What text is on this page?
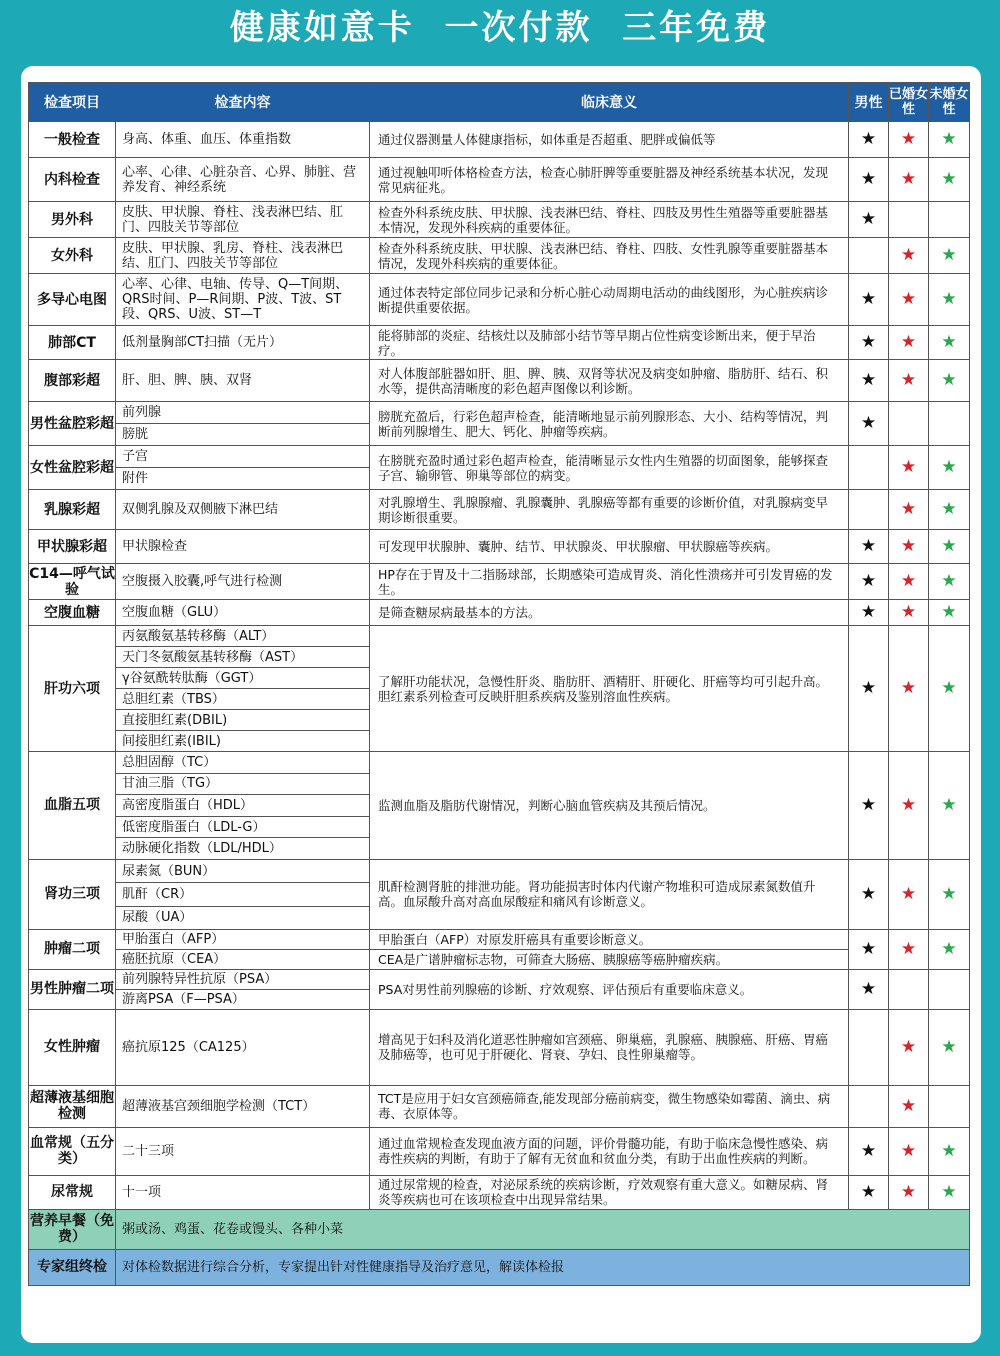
健康如意卡  一次付款  三年免费
检查项目	检查内容	临床意义	男性	已婚女性	未婚女性
一般检查	身高、体重、血压、体重指数	通过仪器测量人体健康指标，如体重是否超重、肥胖或偏低等	★	★	★
内科检查	心率、心律、心脏杂音、心界、肺脏、营养发育、神经系统	通过视触叩听体格检查方法，检查心肺肝脾等重要脏器及神经系统基本状况，发现常见病征兆。	★	★	★
男外科	皮肤、甲状腺、脊柱、浅表淋巴结、肛门、四肢关节等部位	检查外科系统皮肤、甲状腺、浅表淋巴结、脊柱、四肢及男性生殖器等重要脏器基本情况，发现外科疾病的重要体征。	★		
女外科	皮肤、甲状腺、乳房、脊柱、浅表淋巴结、肛门、四肢关节等部位	检查外科系统皮肤、甲状腺、浅表淋巴结、脊柱、四肢、女性乳腺等重要脏器基本情况，发现外科疾病的重要体征。		★	★
多导心电图	心率、心律、电轴、传导、Q—T间期、QRS时间、P—R间期、P波、T波、ST段、QRS、U波、ST—T	通过体表特定部位同步记录和分析心脏心动周期电活动的曲线图形，为心脏疾病诊断提供重要依据。	★	★	★
肺部CT	低剂量胸部CT扫描（无片）	能将肺部的炎症、结核灶以及肺部小结节等早期占位性病变诊断出来，便于早治疗。	★	★	★
腹部彩超	肝、胆、脾、胰、双肾	对人体腹部脏器如肝、胆、脾、胰、双肾等状况及病变如肿瘤、脂肪肝、结石、积水等，提供高清晰度的彩色超声图像以利诊断。	★	★	★
男性盆腔彩超	前列腺	膀胱充盈后，行彩色超声检查，能清晰地显示前列腺形态、大小、结构等情况，判断前列腺增生、肥大、钙化、肿瘤等疾病。	★		
	膀胱				
女性盆腔彩超	子宫	在膀胱充盈时通过彩色超声检查，能清晰显示女性内生殖器的切面图象，能够探查子宫、输卵管、卵巢等部位的病变。		★	★
	附件				
乳腺彩超	双侧乳腺及双侧腋下淋巴结	对乳腺增生、乳腺腺瘤、乳腺囊肿、乳腺癌等都有重要的诊断价值，对乳腺病变早期诊断很重要。		★	★
甲状腺彩超	甲状腺检查	可发现甲状腺肿、囊肿、结节、甲状腺炎、甲状腺瘤、甲状腺癌等疾病。	★	★	★
C14—呼气试验	空腹摄入胶囊,呼气进行检测	HP存在于胃及十二指肠球部，长期感染可造成胃炎、消化性溃疡并可引发胃癌的发生。	★	★	★
空腹血糖	空腹血糖（GLU）	是筛查糖尿病最基本的方法。	★	★	★
肝功六项	丙氨酸氨基转移酶（ALT）	了解肝功能状况，急慢性肝炎、脂肪肝、酒精肝、肝硬化、肝癌等均可引起升高。胆红素系列检查可反映肝胆系疾病及鉴别溶血性疾病。	★	★	★
	天门冬氨酸氨基转移酶（AST）				
	γ谷氨酰转肽酶（GGT）				
	总胆红素（TBS）				
	直接胆红素(DBIL)				
	间接胆红素(IBIL)				
血脂五项	总胆固醇（TC）	监测血脂及脂肪代谢情况，判断心脑血管疾病及其预后情况。	★	★	★
	甘油三脂（TG）				
	高密度脂蛋白（HDL）				
	低密度脂蛋白（LDL-G）				
	动脉硬化指数（LDL/HDL）				
肾功三项	尿素氮（BUN）	肌酐检测肾脏的排泄功能。肾功能损害时体内代谢产物堆积可造成尿素氮数值升高。血尿酸升高对高血尿酸症和痛风有诊断意义。	★	★	★
	肌酐（CR）				
	尿酸（UA）				
肿瘤二项	甲胎蛋白（AFP）	甲胎蛋白（AFP）对原发肝癌具有重要诊断意义。	★	★	★
	癌胚抗原（CEA）	CEA是广谱肿瘤标志物，可筛查大肠癌、胰腺癌等癌肿瘤疾病。			
男性肿瘤二项	前列腺特异性抗原（PSA）	PSA对男性前列腺癌的诊断、疗效观察、评估预后有重要临床意义。	★		
	游离PSA（F—PSA）				
女性肿瘤	癌抗原125（CA125）	增高见于妇科及消化道恶性肿瘤如宫颈癌、卵巢癌，乳腺癌、胰腺癌、肝癌、胃癌及肺癌等，也可见于肝硬化、肾衰、孕妇、良性卵巢瘤等。		★	★
超薄液基细胞检测	超薄液基宫颈细胞学检测（TCT）	TCT是应用于妇女宫颈癌筛查,能发现部分癌前病变，微生物感染如霉菌、滴虫、病毒、衣原体等。		★	
血常规（五分类）	二十三项	通过血常规检查发现血液方面的问题，评价骨髓功能，有助于临床急慢性感染、病毒性疾病的判断，有助于了解有无贫血和贫血分类，有助于出血性疾病的判断。	★	★	★
尿常规	十一项	通过尿常规的检查，对泌尿系统的疾病诊断，疗效观察有重大意义。如糖尿病、肾炎等疾病也可在该项检查中出现异常结果。	★	★	★
营养早餐（免费）	粥或汤、鸡蛋、花卷或馒头、各种小菜				
专家组终检	对体检数据进行综合分析，专家提出针对性健康指导及治疗意见，解读体检报				
